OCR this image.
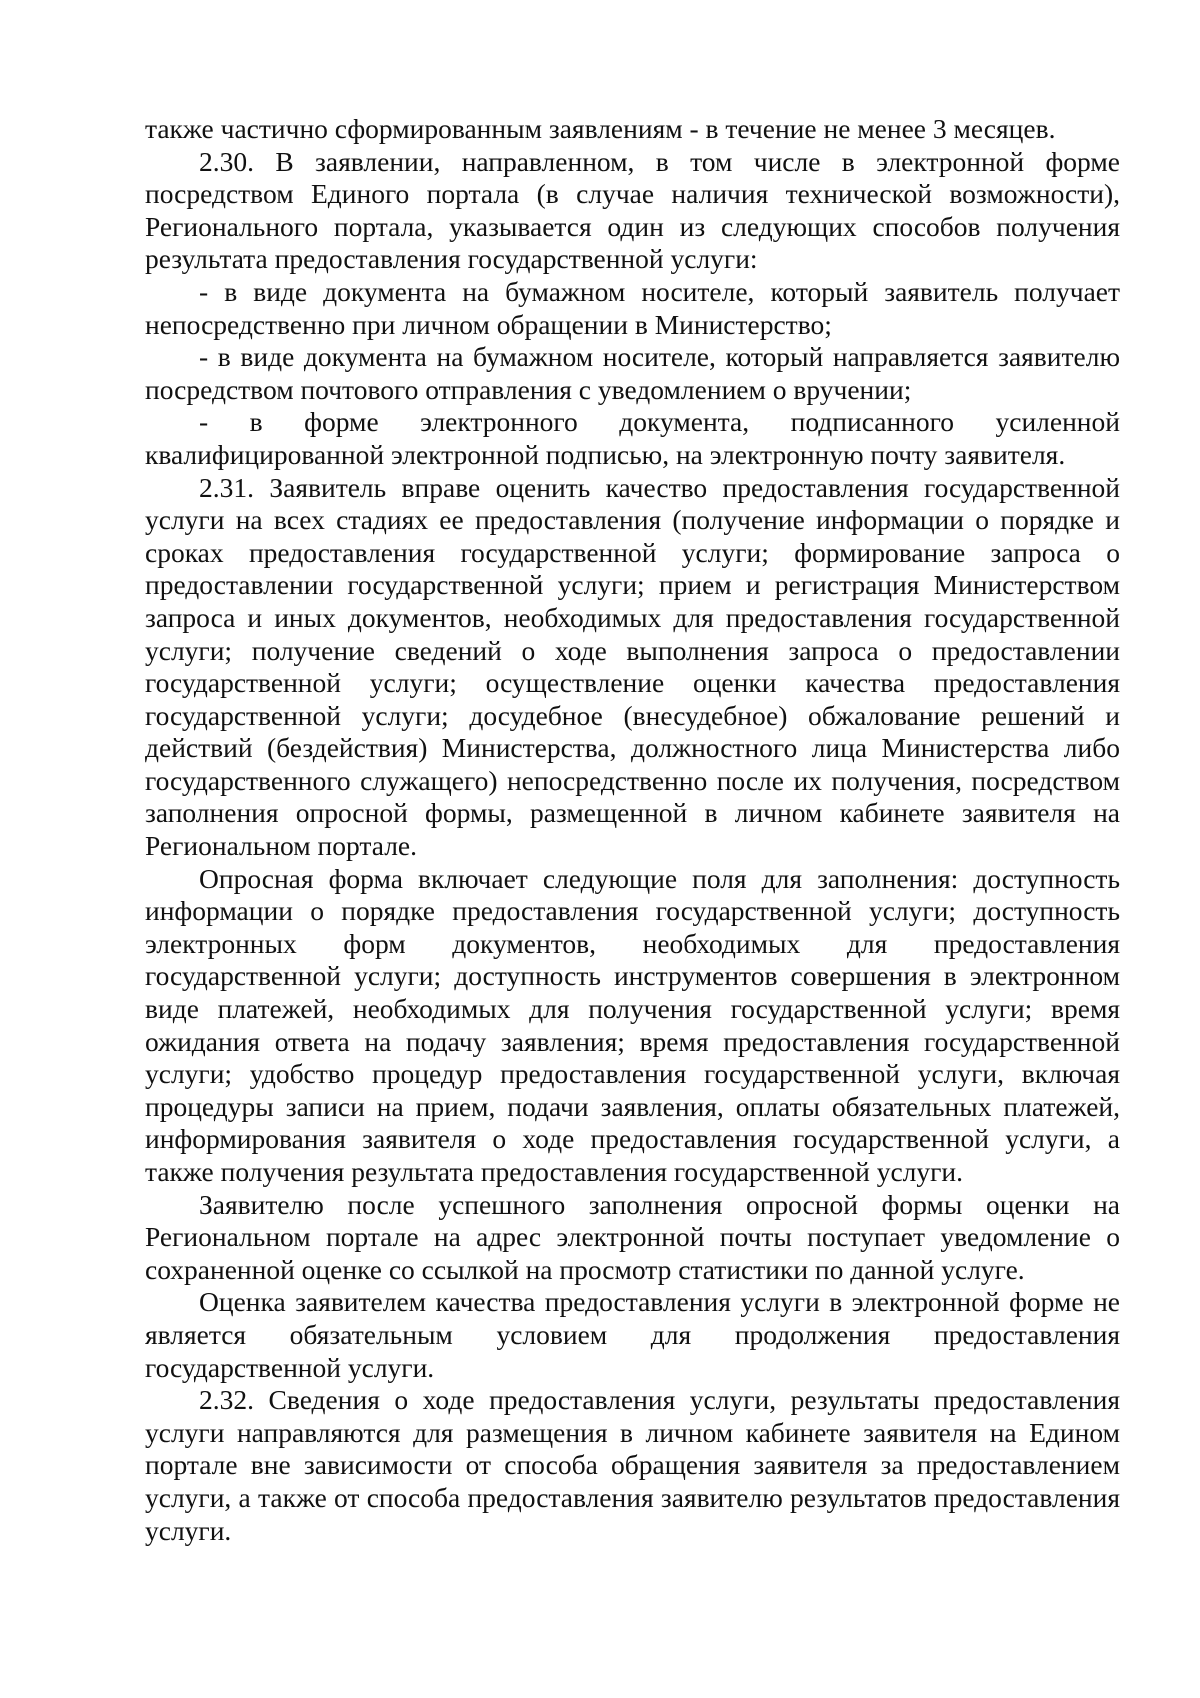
также частично сформированным заявлениям - в течение не менее 3 месяцев.

2.30. В заявлении, направленном, в том числе в электронной форме посредством Единого портала (в случае наличия технической возможности), Регионального портала, указывается один из следующих способов получения результата предоставления государственной услуги:

- в виде документа на бумажном носителе, который заявитель получает непосредственно при личном обращении в Министерство;

- в виде документа на бумажном носителе, который направляется заявителю посредством почтового отправления с уведомлением о вручении;

- в форме электронного документа, подписанного усиленной квалифицированной электронной подписью, на электронную почту заявителя.

2.31. Заявитель вправе оценить качество предоставления государственной услуги на всех стадиях ее предоставления (получение информации о порядке и сроках предоставления государственной услуги; формирование запроса о предоставлении государственной услуги; прием и регистрация Министерством запроса и иных документов, необходимых для предоставления государственной услуги; получение сведений о ходе выполнения запроса о предоставлении государственной услуги; осуществление оценки качества предоставления государственной услуги; досудебное (внесудебное) обжалование решений и действий (бездействия) Министерства, должностного лица Министерства либо государственного служащего) непосредственно после их получения, посредством заполнения опросной формы, размещенной в личном кабинете заявителя на Региональном портале.

Опросная форма включает следующие поля для заполнения: доступность информации о порядке предоставления государственной услуги; доступность электронных форм документов, необходимых для предоставления государственной услуги; доступность инструментов совершения в электронном виде платежей, необходимых для получения государственной услуги; время ожидания ответа на подачу заявления; время предоставления государственной услуги; удобство процедур предоставления государственной услуги, включая процедуры записи на прием, подачи заявления, оплаты обязательных платежей, информирования заявителя о ходе предоставления государственной услуги, а также получения результата предоставления государственной услуги.

Заявителю после успешного заполнения опросной формы оценки на Региональном портале на адрес электронной почты поступает уведомление о сохраненной оценке со ссылкой на просмотр статистики по данной услуге.

Оценка заявителем качества предоставления услуги в электронной форме не является обязательным условием для продолжения предоставления государственной услуги.

2.32. Сведения о ходе предоставления услуги, результаты предоставления услуги направляются для размещения в личном кабинете заявителя на Едином портале вне зависимости от способа обращения заявителя за предоставлением услуги, а также от способа предоставления заявителю результатов предоставления услуги.
